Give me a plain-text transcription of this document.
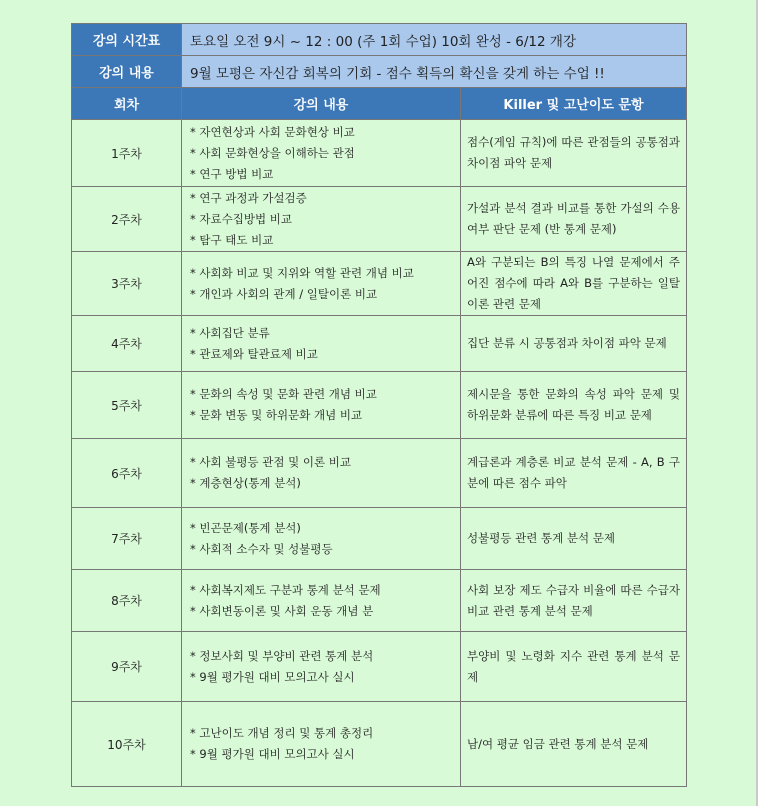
강의 시간표	토요일 오전 9시 ~ 12 : 00 (주 1회 수업) 10회 완성 - 6/12 개강	
강의 내용	9월 모평은 자신감 회복의 기회 - 점수 획득의 확신을 갖게 하는 수업 !!	
회차	강의 내용	Killer 및 고난이도 문항
1주차	* 자연현상과 사회 문화현상 비교
* 사회 문화현상을 이해하는 관점
* 연구 방법 비교	점수(게임 규칙)에 따른 관점들의 공통점과 차이점 파악 문제

2주차	* 연구 과정과 가설검증
* 자료수집방법 비교
* 탐구 태도 비교	가설과 분석 결과 비교를 통한 가설의 수용 여부 판단 문제 (반 통계 문제)

3주차	* 사회화 비교 및 지위와 역할 관련 개념 비교
* 개인과 사회의 관계 / 일탈이론 비교	A와 구분되는 B의 특징 나열 문제에서 주어진 점수에 따라 A와 B를 구분하는 일탈 이론 관련 문제

4주차	* 사회집단 분류
* 관료제와 탈관료제 비교	집단 분류 시 공통점과 차이점 파악 문제

5주차	* 문화의 속성 및 문화 관련 개념 비교
* 문화 변동 및 하위문화 개념 비교	제시문을 통한 문화의 속성 파악 문제 및 하위문화 분류에 따른 특징 비교 문제

6주차	* 사회 불평등 관점 및 이론 비교
* 계층현상(통계 분석)	계급론과 계층론 비교 분석 문제 - A, B 구분에 따른 점수 파악

7주차	* 빈곤문제(통계 분석)
* 사회적 소수자 및 성불평등	성불평등 관련 통계 분석 문제

8주차	* 사회복지제도 구분과 통계 분석 문제
* 사회변동이론 및 사회 운동 개념 분	사회 보장 제도 수급자 비율에 따른 수급자 비교 관련 통계 분석 문제

9주차	* 정보사회 및 부양비 관련 통계 분석
* 9월 평가원 대비 모의고사 실시	부양비 및 노령화 지수 관련 통계 분석 문제

10주차	* 고난이도 개념 정리 및 통계 총정리
* 9월 평가원 대비 모의고사 실시	남/여 평균 임금 관련 통계 분석 문제
